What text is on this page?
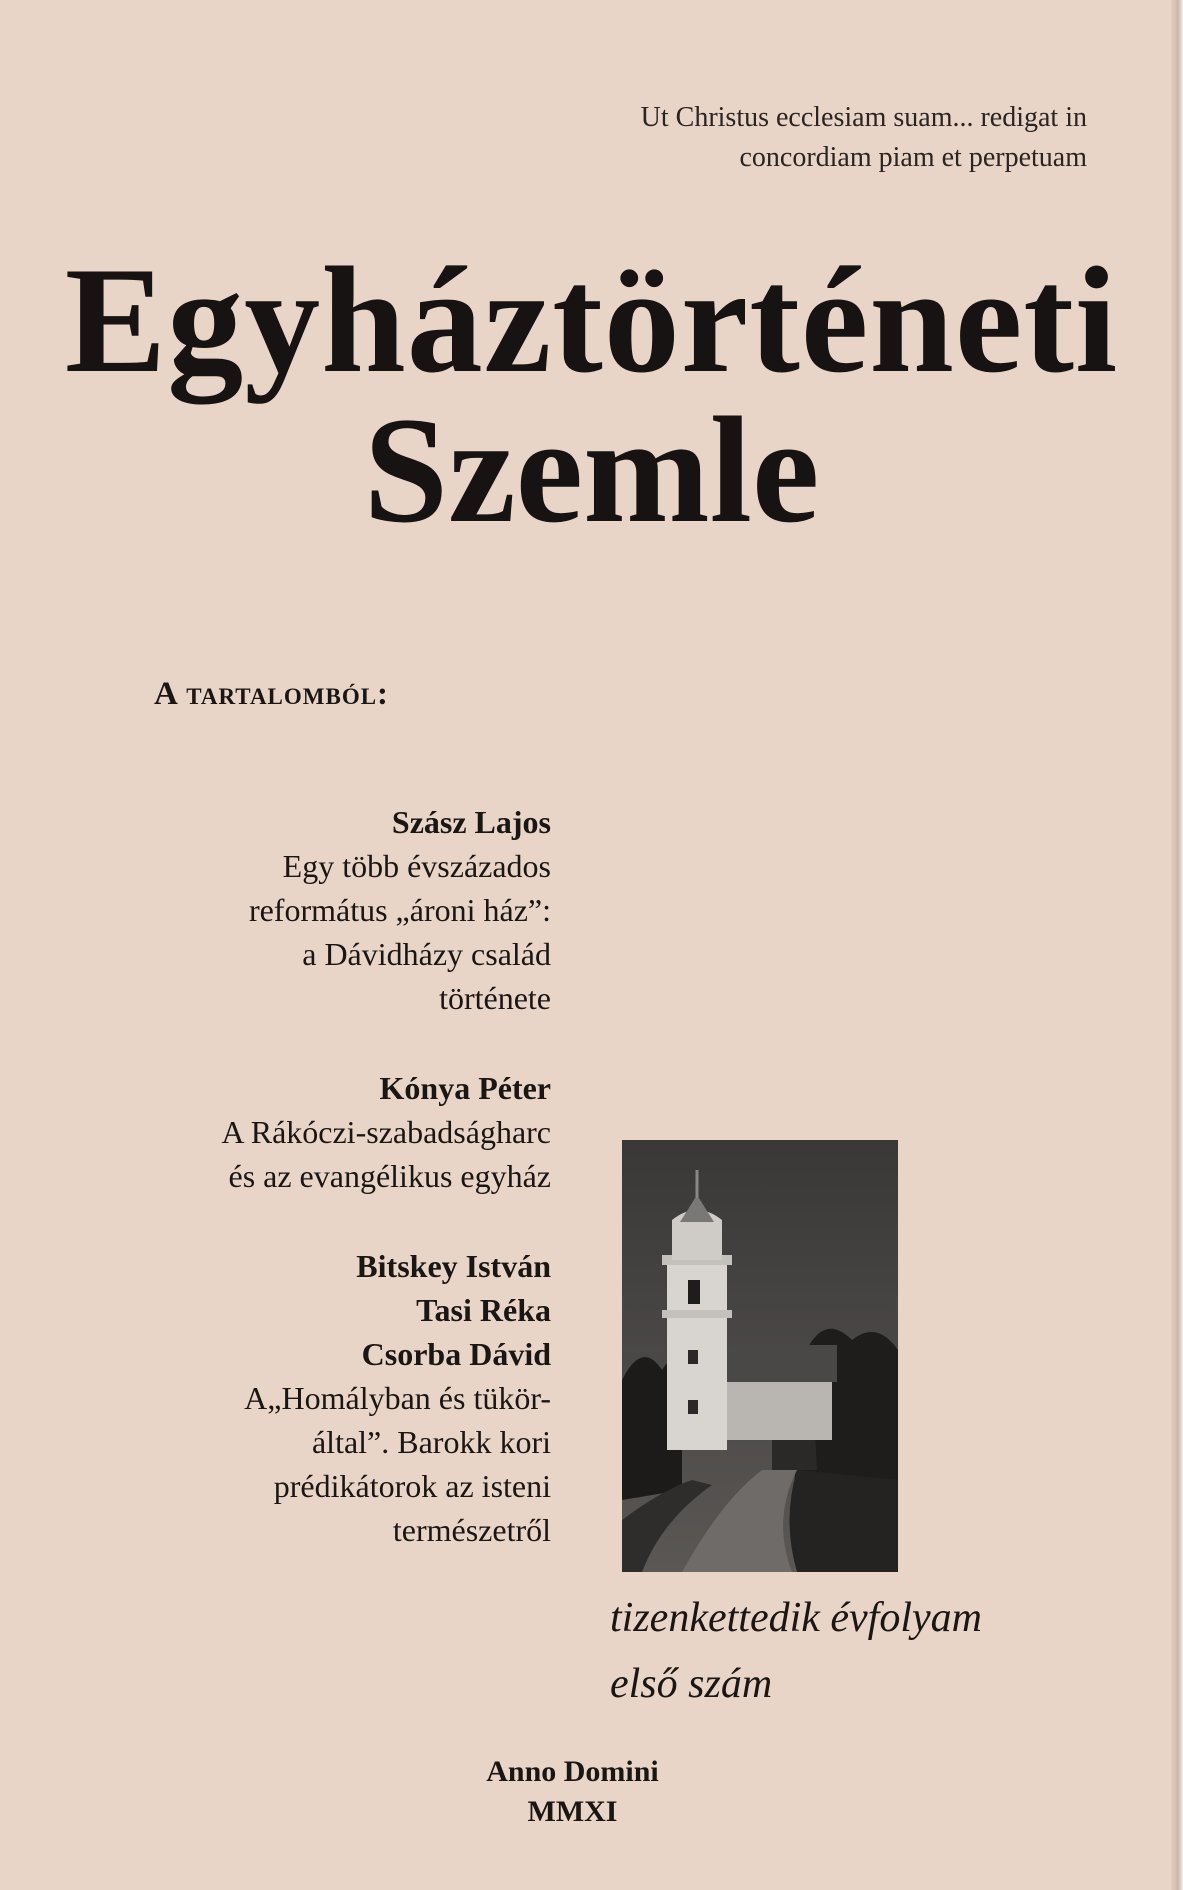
Ut Christus ecclesiam suam... redigat in
concordiam piam et perpetuam
Egyháztörténeti
Szemle
A tartalomból:
Szász Lajos
Egy több évszázados
református „ároni ház”:
a Dávidházy család
története
Kónya Péter
A Rákóczi-szabadságharc
és az evangélikus egyház
Bitskey István
Tasi Réka
Csorba Dávid
A„Homályban és tükör-
által”. Barokk kori
prédikátorok az isteni
természetről
tizenkettedik évfolyam
első szám
Anno Domini
MMXI
